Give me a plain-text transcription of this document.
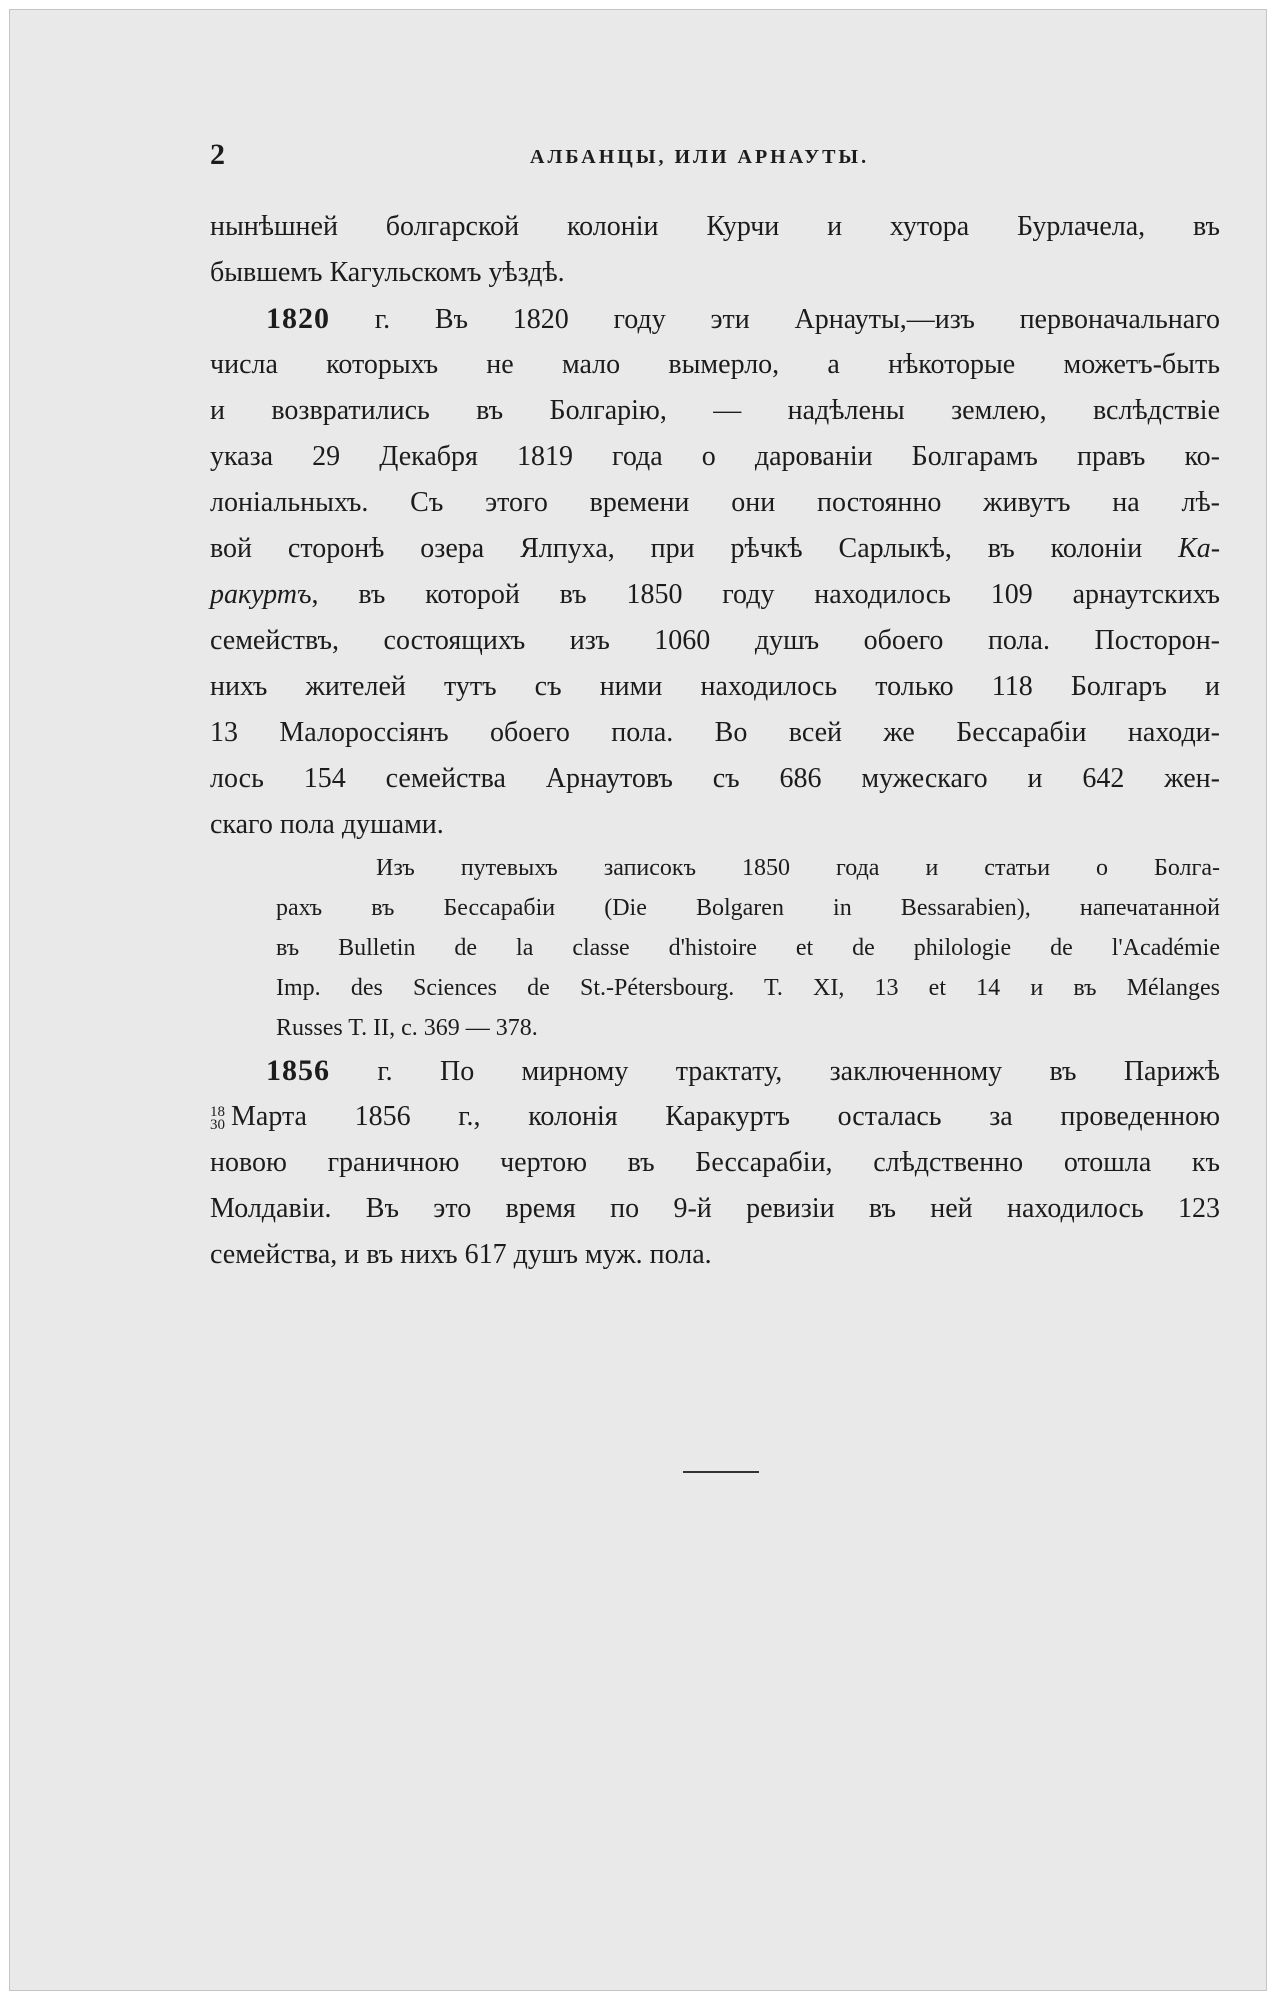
2	АЛБАНЦЫ, ИЛИ АРНАУТЫ.
нынѣшней болгарской колоніи Курчи и хутора Бурлачела, въ
бывшемъ Кагульскомъ уѣздѣ.
1820 г. Въ 1820 году эти Арнауты,—изъ первоначальнаго
числа которыхъ не мало вымерло, а нѣкоторые можетъ-быть
и возвратились въ Болгарію, — надѣлены землею, вслѣдствіе
указа 29 Декабря 1819 года о дарованіи Болгарамъ правъ ко-
лоніальныхъ. Съ этого времени они постоянно живутъ на лѣ-
вой сторонѣ озера Ялпуха, при рѣчкѣ Сарлыкѣ, въ колоніи Ка-
ракуртъ, въ которой въ 1850 году находилось 109 арнаутскихъ
семействъ, состоящихъ изъ 1060 душъ обоего пола. Посторон-
нихъ жителей тутъ съ ними находилось только 118 Болгаръ и
13 Малороссіянъ обоего пола. Во всей же Бессарабіи находи-
лось 154 семейства Арнаутовъ съ 686 мужескаго и 642 жен-
скаго пола душами.
Изъ путевыхъ записокъ 1850 года и статьи о Болга-
рахъ въ Бессарабіи (Die Bolgaren in Bessarabien), напечатанной
въ Bulletin de la classe d'histoire et de philologie de l'Académie
Imp. des Sciences de St.-Pétersbourg. T. XI, 13 et 14 и въ Mélanges
Russes T. II, с. 369 — 378.
1856 г. По мирному трактату, заключенному въ Парижѣ
18
30 Марта 1856 г., колонія Каракуртъ осталась за проведенною
новою граничною чертою въ Бессарабіи, слѣдственно отошла къ
Молдавіи. Въ это время по 9-й ревизіи въ ней находилось 123
семейства, и въ нихъ 617 душъ муж. пола.
